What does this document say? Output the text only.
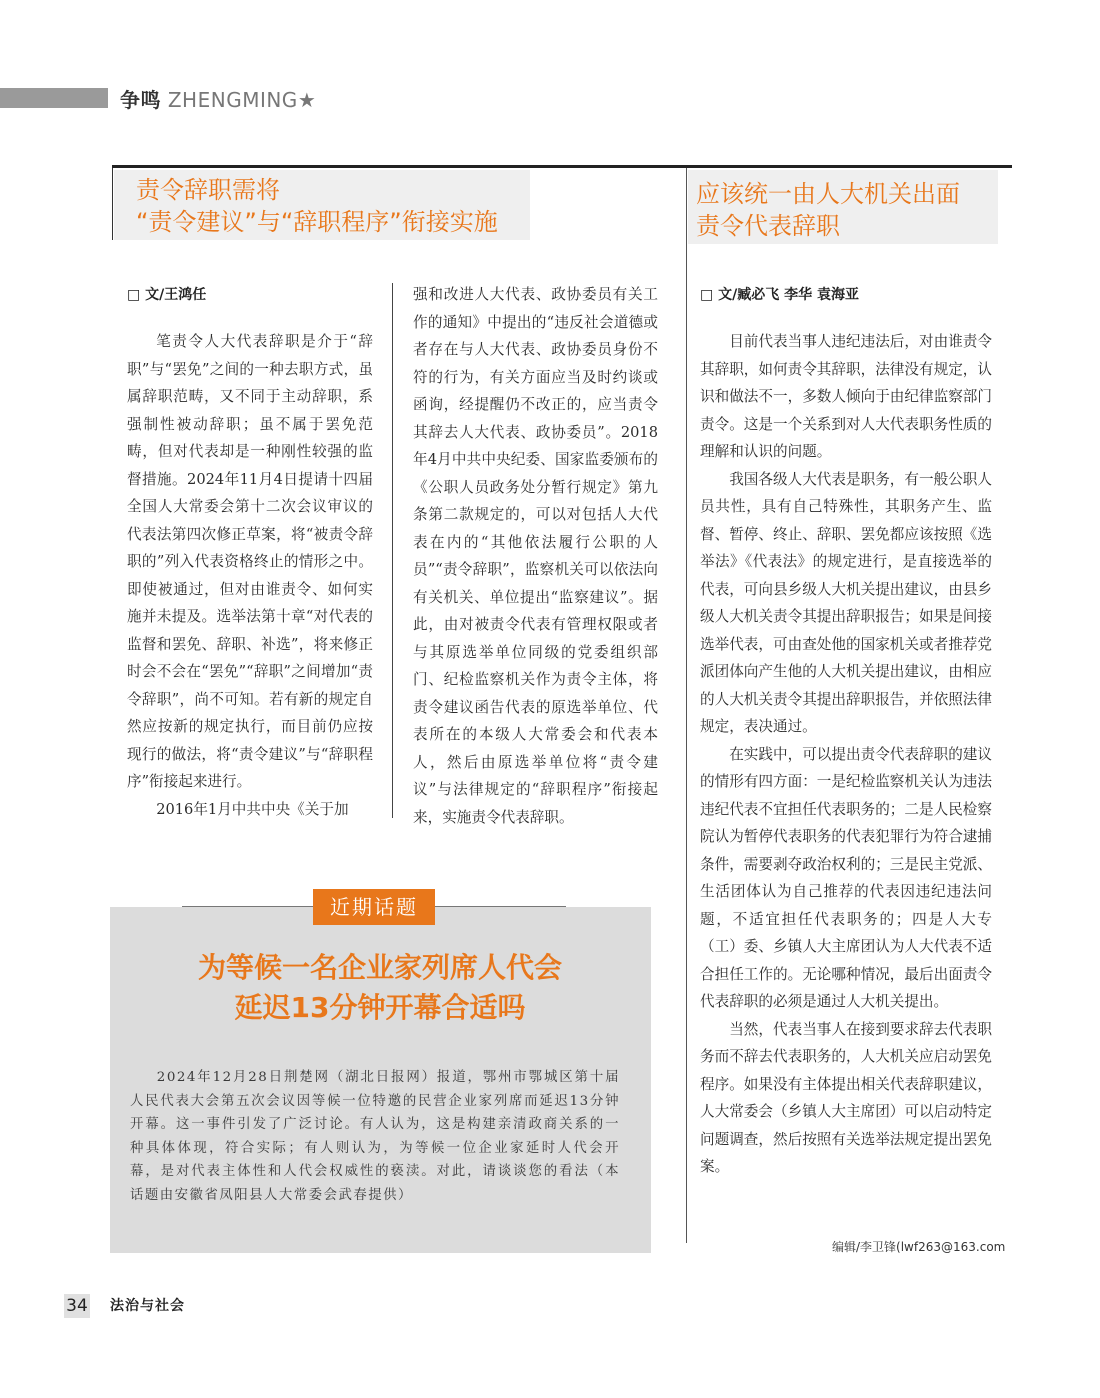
争鸣 ZHENGMING★
责令辞职需将
“责令建议”与“辞职程序”衔接实施
应该统一由人大机关出面
责令代表辞职
□ 文/王鸿任	□ 文/臧必飞 李华 袁海亚

笔责令人大代表辞职是介于“辞职”与“罢免”之间的一种去职方式，虽属辞职范畴，又不同于主动辞职，系强制性被动辞职；虽不属于罢免范畴，但对代表却是一种刚性较强的监督措施。2024年11月4日提请十四届全国人大常委会第十二次会议审议的代表法第四次修正草案，将“被责令辞职的”列入代表资格终止的情形之中。即使被通过，但对由谁责令、如何实施并未提及。选举法第十章“对代表的监督和罢免、辞职、补选”，将来修正时会不会在“罢免”“辞职”之间增加“责令辞职”，尚不可知。若有新的规定自然应按新的规定执行，而目前仍应按现行的做法，将“责令建议”与“辞职程序”衔接起来进行。

2016年1月中共中央《关于加

强和改进人大代表、政协委员有关工作的通知》中提出的“违反社会道德或者存在与人大代表、政协委员身份不符的行为，有关方面应当及时约谈或函询，经提醒仍不改正的，应当责令其辞去人大代表、政协委员”。2018年4月中共中央纪委、国家监委颁布的《公职人员政务处分暂行规定》第九条第二款规定的，可以对包括人大代表在内的“其他依法履行公职的人员”“责令辞职”，监察机关可以依法向有关机关、单位提出“监察建议”。据此，由对被责令代表有管理权限或者与其原选举单位同级的党委组织部门、纪检监察机关作为责令主体，将责令建议函告代表的原选举单位、代表所在的本级人大常委会和代表本人，然后由原选举单位将“责令建议”与法律规定的“辞职程序”衔接起来，实施责令代表辞职。

目前代表当事人违纪违法后，对由谁责令其辞职，如何责令其辞职，法律没有规定，认识和做法不一，多数人倾向于由纪律监察部门责令。这是一个关系到对人大代表职务性质的理解和认识的问题。

我国各级人大代表是职务，有一般公职人员共性，具有自己特殊性，其职务产生、监督、暂停、终止、辞职、罢免都应该按照《选举法》《代表法》的规定进行，是直接选举的代表，可向县乡级人大机关提出建议，由县乡级人大机关责令其提出辞职报告；如果是间接选举代表，可由查处他的国家机关或者推荐党派团体向产生他的人大机关提出建议，由相应的人大机关责令其提出辞职报告，并依照法律规定，表决通过。

在实践中，可以提出责令代表辞职的建议的情形有四方面：一是纪检监察机关认为违法违纪代表不宜担任代表职务的；二是人民检察院认为暂停代表职务的代表犯罪行为符合逮捕条件，需要剥夺政治权利的；三是民主党派、生活团体认为自己推荐的代表因违纪违法问题，不适宜担任代表职务的；四是人大专（工）委、乡镇人大主席团认为人大代表不适合担任工作的。无论哪种情况，最后出面责令代表辞职的必须是通过人大机关提出。

当然，代表当事人在接到要求辞去代表职务而不辞去代表职务的，人大机关应启动罢免程序。如果没有主体提出相关代表辞职建议，人大常委会（乡镇人大主席团）可以启动特定问题调查，然后按照有关选举法规定提出罢免案。

编辑/李卫锋(lwf263@163.com
近期话题
为等候一名企业家列席人代会
延迟13分钟开幕合适吗

2024年12月28日荆楚网（湖北日报网）报道，鄂州市鄂城区第十届人民代表大会第五次会议因等候一位特邀的民营企业家列席而延迟13分钟开幕。这一事件引发了广泛讨论。有人认为，这是构建亲清政商关系的一种具体体现，符合实际；有人则认为，为等候一位企业家延时人代会开幕，是对代表主体性和人代会权威性的亵渎。对此，请谈谈您的看法（本话题由安徽省凤阳县人大常委会武春提供）

34 法治与社会
